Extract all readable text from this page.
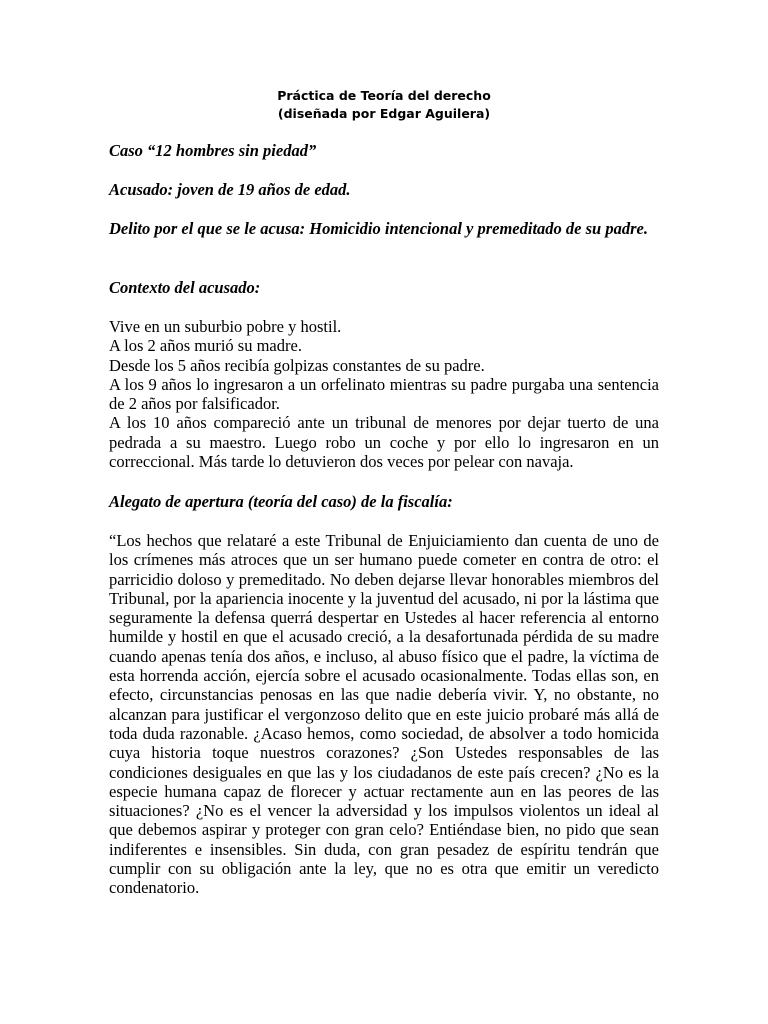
Práctica de Teoría del derecho
(diseñada por Edgar Aguilera)
Caso “12 hombres sin piedad”
Acusado: joven de 19 años de edad.
Delito por el que se le acusa: Homicidio intencional y premeditado de su padre.
Contexto del acusado:
Vive en un suburbio pobre y hostil.
A los 2 años murió su madre.
Desde los 5 años recibía golpizas constantes de su padre.
A los 9 años lo ingresaron a un orfelinato mientras su padre purgaba una sentencia de 2 años por falsificador.
A los 10 años compareció ante un tribunal de menores por dejar tuerto de una pedrada a su maestro. Luego robo un coche y por ello lo ingresaron en un correccional. Más tarde lo detuvieron dos veces por pelear con navaja.
Alegato de apertura (teoría del caso) de la fiscalía:
“Los hechos que relataré a este Tribunal de Enjuiciamiento dan cuenta de uno de los crímenes más atroces que un ser humano puede cometer en contra de otro: el parricidio doloso y premeditado. No deben dejarse llevar honorables miembros del Tribunal, por la apariencia inocente y la juventud del acusado, ni por la lástima que seguramente la defensa querrá despertar en Ustedes al hacer referencia al entorno humilde y hostil en que el acusado creció, a la desafortunada pérdida de su madre cuando apenas tenía dos años, e incluso, al abuso físico que el padre, la víctima de esta horrenda acción, ejercía sobre el acusado ocasionalmente. Todas ellas son, en efecto, circunstancias penosas en las que nadie debería vivir. Y, no obstante, no alcanzan para justificar el vergonzoso delito que en este juicio probaré más allá de toda duda razonable. ¿Acaso hemos, como sociedad, de absolver a todo homicida cuya historia toque nuestros corazones? ¿Son Ustedes responsables de las condiciones desiguales en que las y los ciudadanos de este país crecen? ¿No es la especie humana capaz de florecer y actuar rectamente aun en las peores de las situaciones? ¿No es el vencer la adversidad y los impulsos violentos un ideal al que debemos aspirar y proteger con gran celo? Entiéndase bien, no pido que sean indiferentes e insensibles. Sin duda, con gran pesadez de espíritu tendrán que cumplir con su obligación ante la ley, que no es otra que emitir un veredicto condenatorio.
